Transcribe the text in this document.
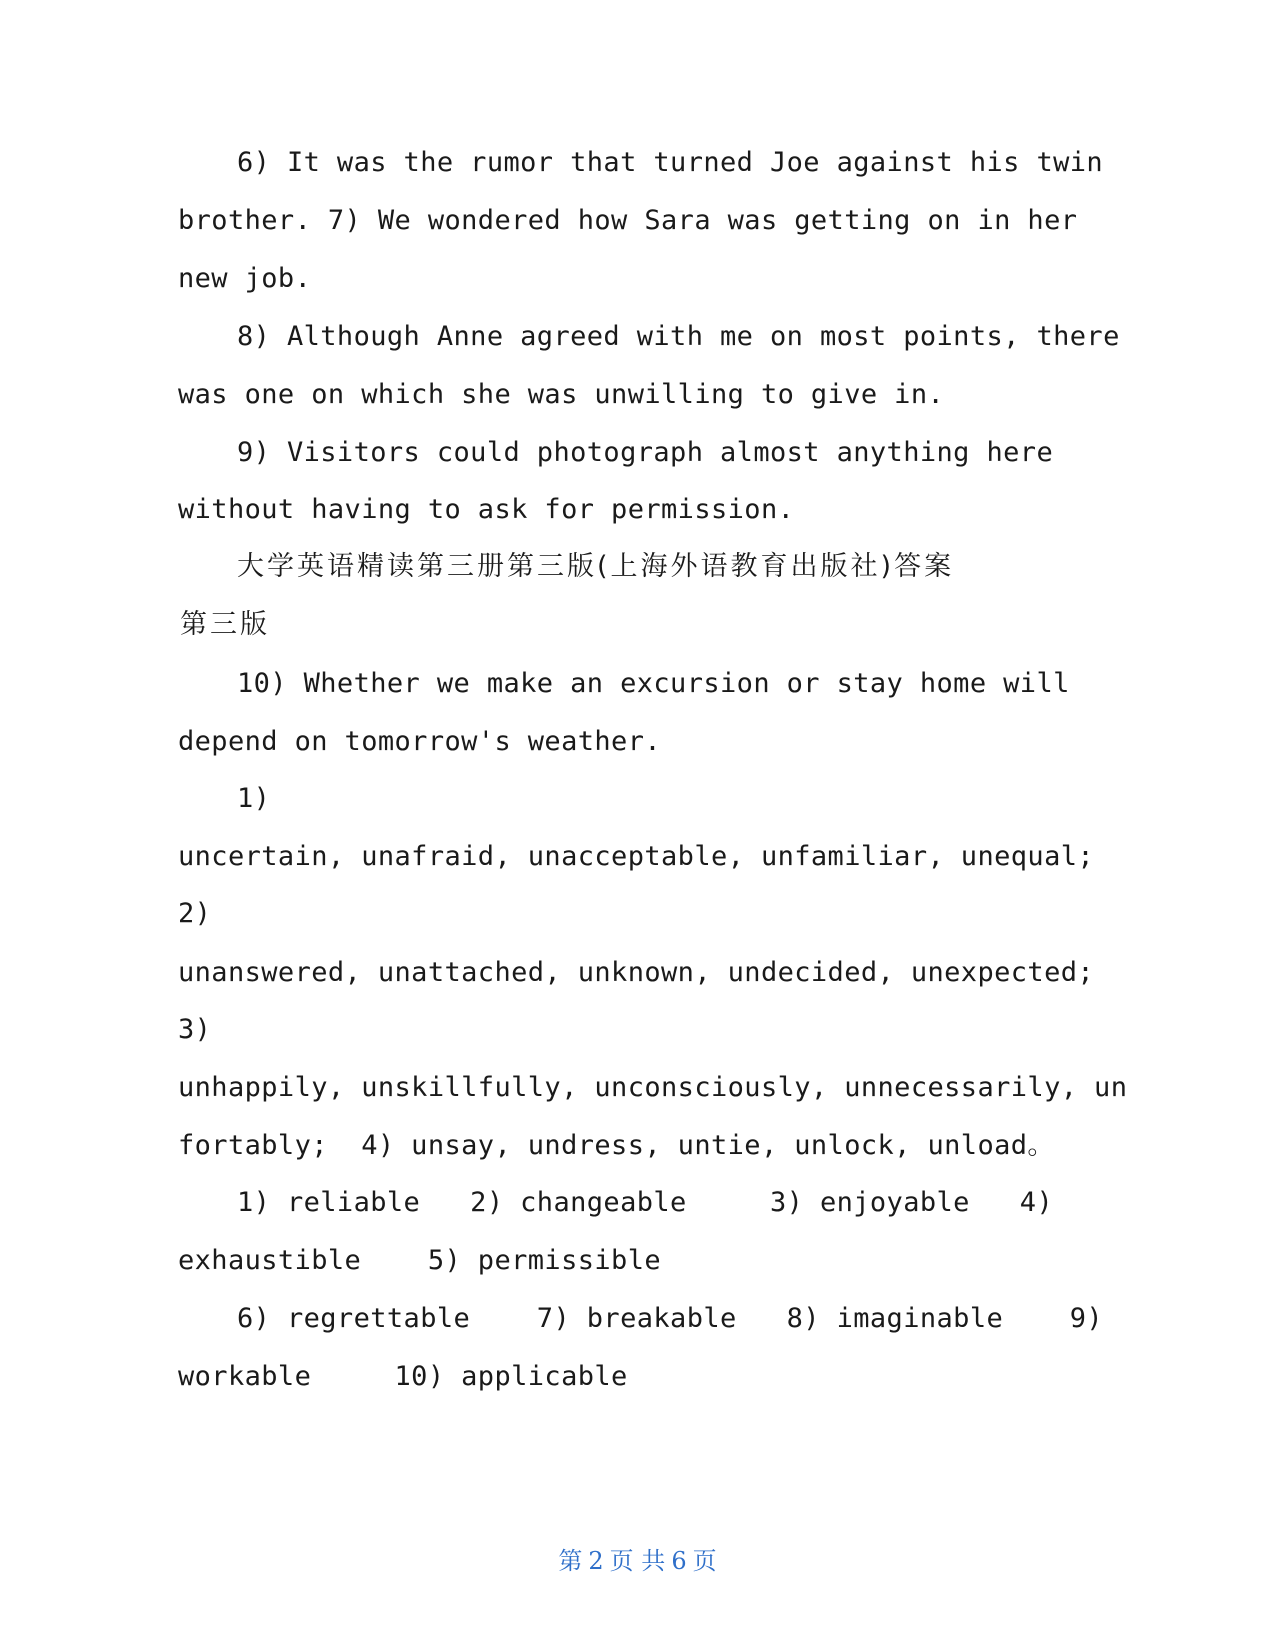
6) It was the rumor that turned Joe against his twin
brother. 7) We wondered how Sara was getting on in her
new job.
8) Although Anne agreed with me on most points, there
was one on which she was unwilling to give in.
9) Visitors could photograph almost anything here
without having to ask for permission.
大学英语精读第三册第三版(上海外语教育出版社)答案
第三版
10) Whether we make an excursion or stay home will
depend on tomorrow's weather.
1)
uncertain, unafraid, unacceptable, unfamiliar, unequal;
2)
unanswered, unattached, unknown, undecided, unexpected;
3)
unhappily, unskillfully, unconsciously, unnecessarily, un
fortably;  4) unsay, undress, untie, unlock, unload。
1) reliable   2) changeable     3) enjoyable   4)
exhaustible    5) permissible
6) regrettable    7) breakable   8) imaginable    9)
workable     10) applicable
第 2 页 共 6 页
